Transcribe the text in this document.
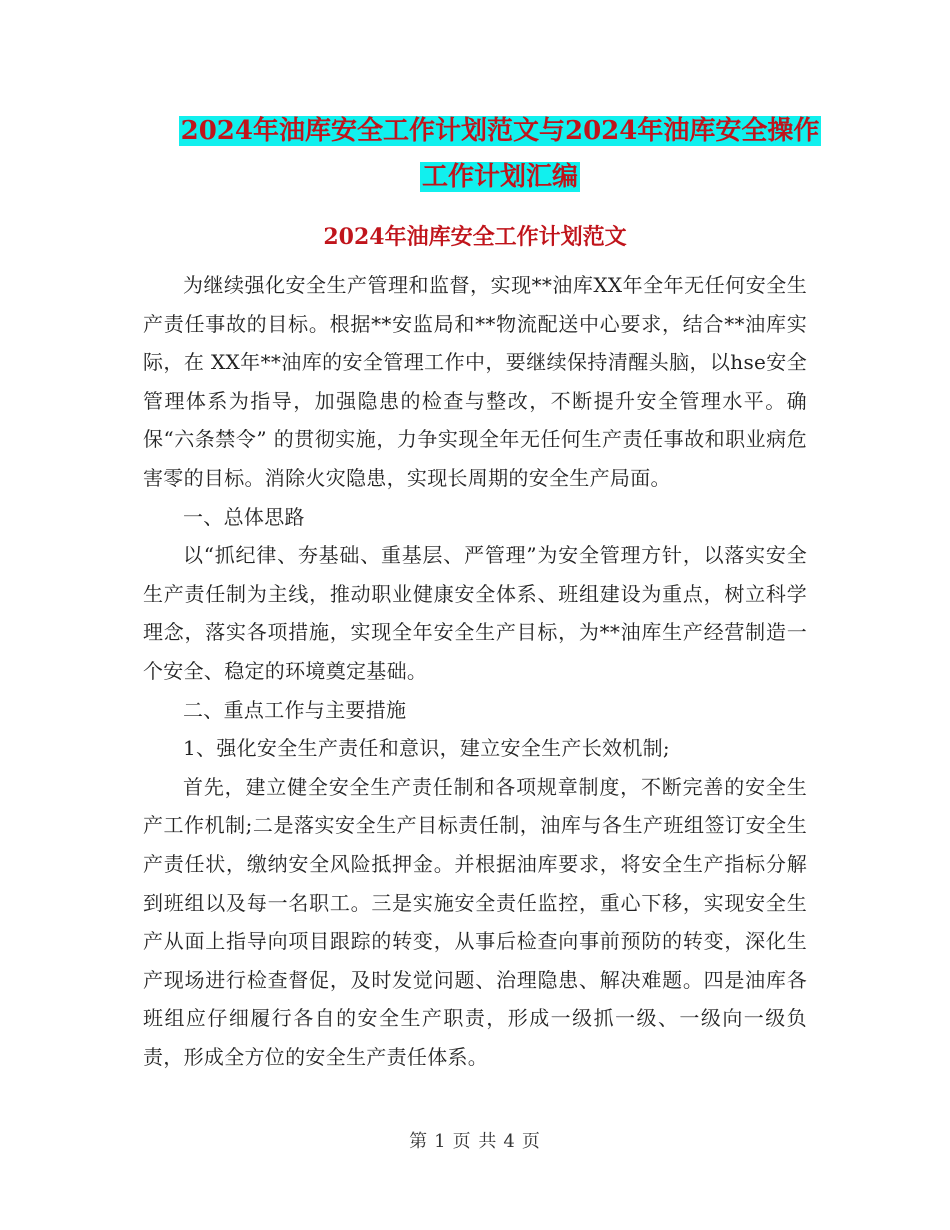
2024年油库安全工作计划范文与2024年油库安全操作
工作计划汇编
2024年油库安全工作计划范文

为继续强化安全生产管理和监督，实现**油库XX年全年无任何安全生产责任事故的目标。根据**安监局和**物流配送中心要求，结合**油库实际，在 XX年**油库的安全管理工作中，要继续保持清醒头脑，以hse安全管理体系为指导，加强隐患的检查与整改，不断提升安全管理水平。确保“六条禁令” 的贯彻实施，力争实现全年无任何生产责任事故和职业病危害零的目标。消除火灾隐患，实现长周期的安全生产局面。

一、总体思路

以“抓纪律、夯基础、重基层、严管理”为安全管理方针，以落实安全生产责任制为主线，推动职业健康安全体系、班组建设为重点，树立科学理念，落实各项措施，实现全年安全生产目标，为**油库生产经营制造一个安全、稳定的环境奠定基础。

二、重点工作与主要措施

1、强化安全生产责任和意识，建立安全生产长效机制;

首先，建立健全安全生产责任制和各项规章制度，不断完善的安全生产工作机制;二是落实安全生产目标责任制，油库与各生产班组签订安全生产责任状，缴纳安全风险抵押金。并根据油库要求，将安全生产指标分解到班组以及每一名职工。三是实施安全责任监控，重心下移，实现安全生产从面上指导向项目跟踪的转变，从事后检查向事前预防的转变，深化生产现场进行检查督促，及时发觉问题、治理隐患、解决难题。四是油库各班组应仔细履行各自的安全生产职责，形成一级抓一级、一级向一级负责，形成全方位的安全生产责任体系。

第 1 页 共 4 页
